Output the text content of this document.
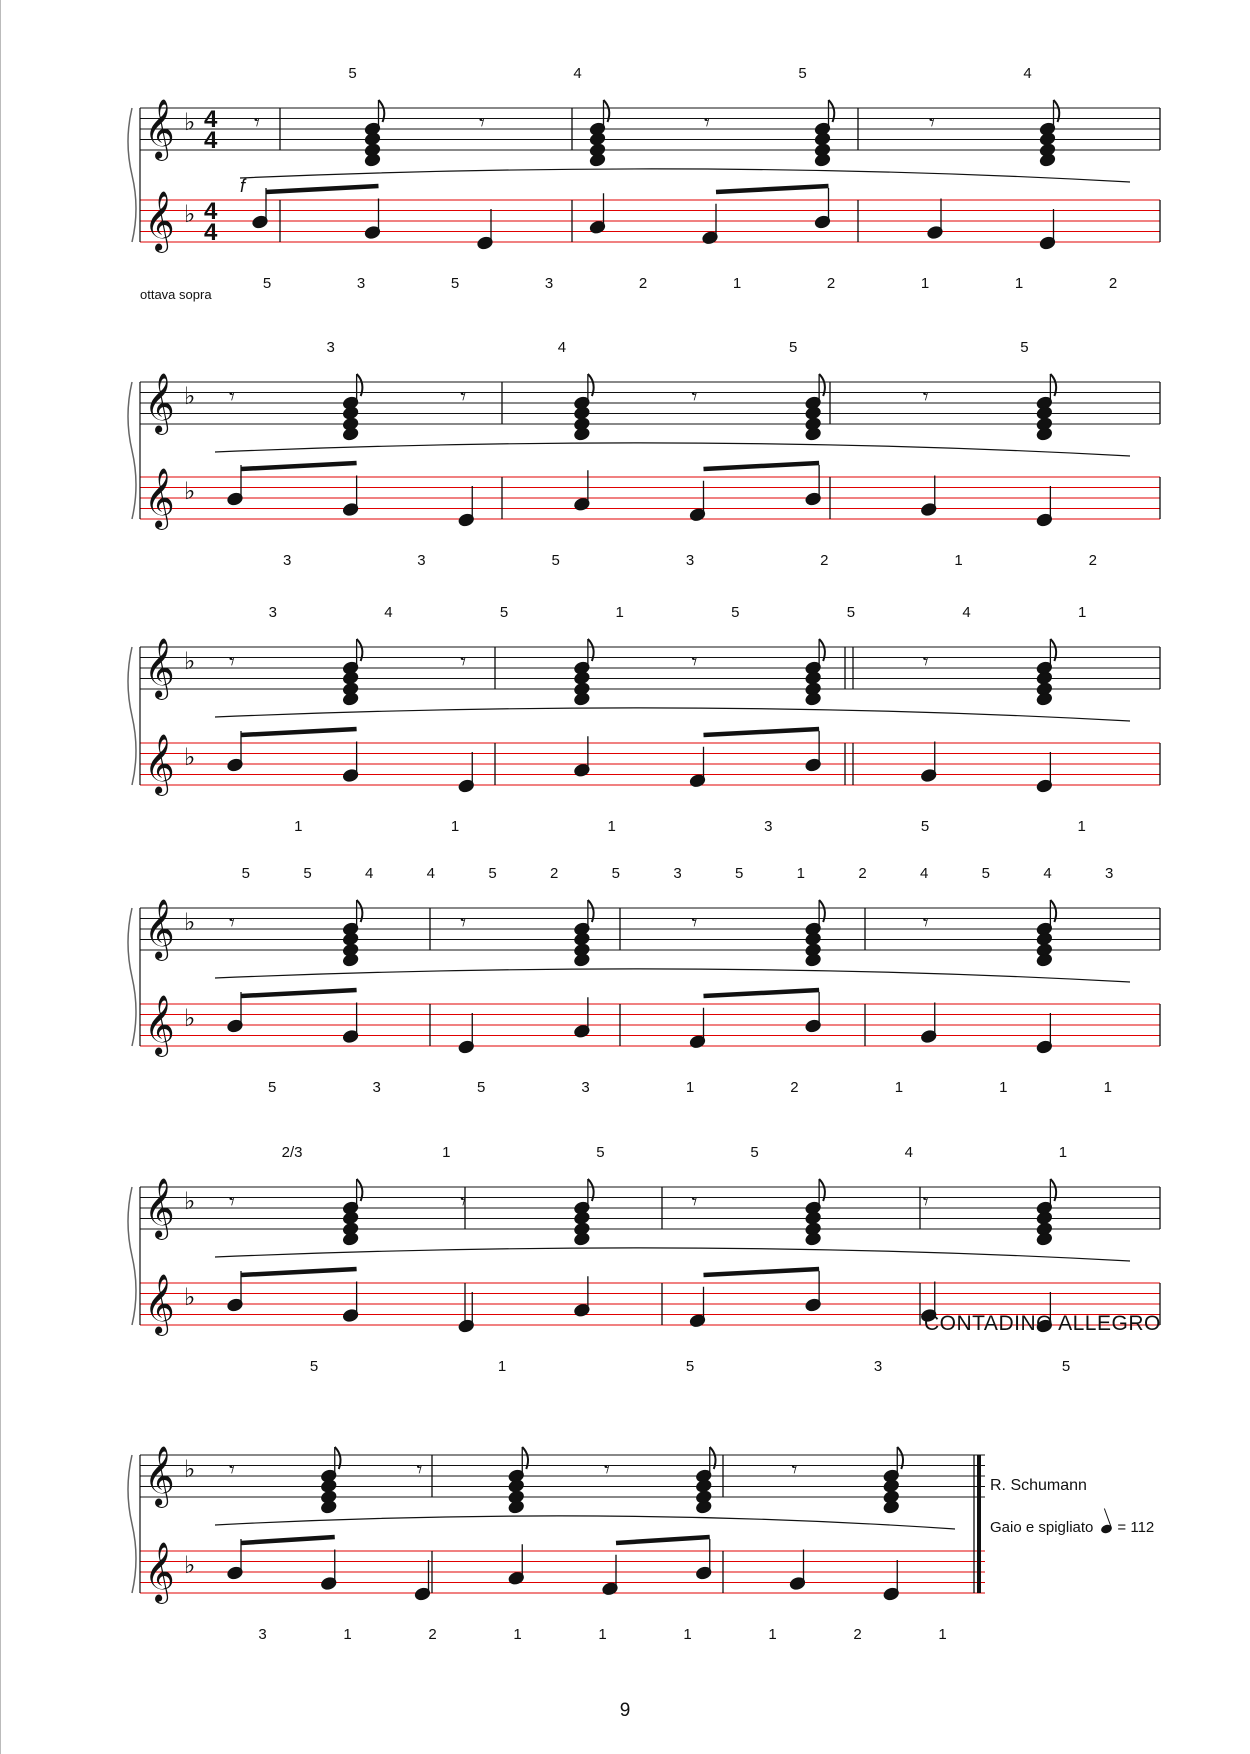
𝄞 ♭ 4
4
𝄾	𝄾	𝄾	𝄾
5	4	5	4
𝄞 ♭ 4
4
5	3	5	3	2	1	2	1	1	2
𝄞 ♭ 𝄾	𝄾	𝄾	𝄾
3	4	5	5
𝄞 ♭
3	3	5	3	2	1	2
𝄞 ♭ 𝄾	𝄾	𝄾	𝄾
3	4	5	1	5	5	4	1
𝄞 ♭
1	1	1	3	5	1
𝄞 ♭ 𝄾	𝄾	𝄾	𝄾
5	5	4	4	5	2	5	3	5	1	2	4	5	4	3
𝄞 ♭
5	3	5	3	1	2	1	1	1
𝄞 ♭ 𝄾	𝄾	𝄾	𝄾
2/3	1	5	5	4	1
𝄞 ♭
5	1	5	3	5
𝄞 ♭ 𝄾	𝄾	𝄾	𝄾
𝄞 ♭
3	1	2	1	1	1	1	2	1
f
ottava sopra
CONTADINO ALLEGRO
R. Schumann
Gaio e spigliato = 112
9
